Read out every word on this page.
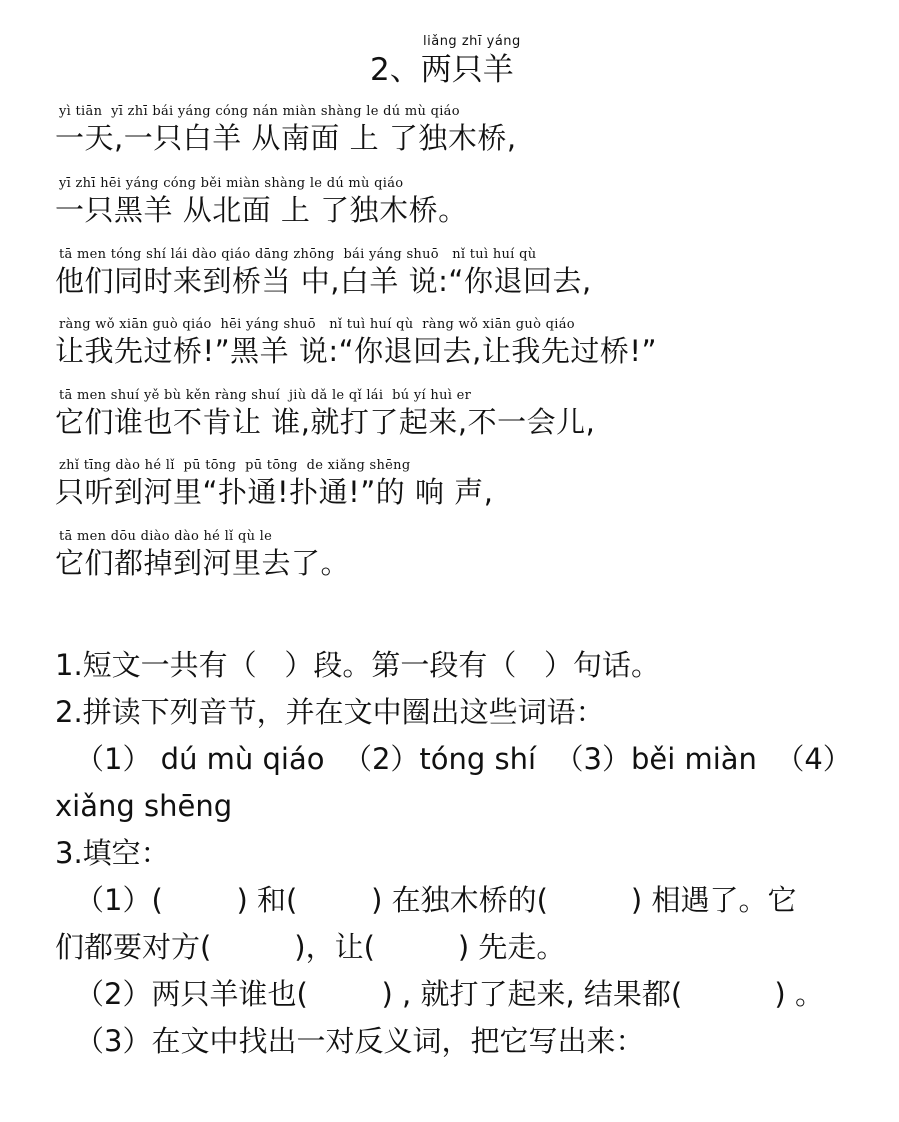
liǎng zhī yáng
2、两只羊
yì tiān  yī zhī bái yáng cóng nán miàn shàng le dú mù qiáo
一天,一只白羊 从南面 上 了独木桥,
yī zhī hēi yáng cóng běi miàn shàng le dú mù qiáo
一只黑羊 从北面 上 了独木桥。
tā men tóng shí lái dào qiáo dāng zhōng  bái yáng shuō   nǐ tuì huí qù
他们同时来到桥当 中,白羊 说:“你退回去,
ràng wǒ xiān guò qiáo  hēi yáng shuō   nǐ tuì huí qù  ràng wǒ xiān guò qiáo
让我先过桥!”黑羊 说:“你退回去,让我先过桥!”
tā men shuí yě bù kěn ràng shuí  jiù dǎ le qǐ lái  bú yí huì er
它们谁也不肯让 谁,就打了起来,不一会儿,
zhǐ tīng dào hé lǐ  pū tōng  pū tōng  de xiǎng shēng
只听到河里“扑通!扑通!”的 响 声,
tā men dōu diào dào hé lǐ qù le
它们都掉到河里去了。
1.短文一共有（   ）段。第一段有（   ）句话。
2.拼读下列音节，并在文中圈出这些词语：
（1） dú mù qiáo  （2）tóng shí  （3）běi miàn  （4）
xiǎng shēng
3.填空：
（1）(        ) 和(        ) 在独木桥的(         ) 相遇了。它
们都要对方(         )，让(         ) 先走。
（2）两只羊谁也(        ) , 就打了起来, 结果都(          ) 。
（3）在文中找出一对反义词，把它写出来：
